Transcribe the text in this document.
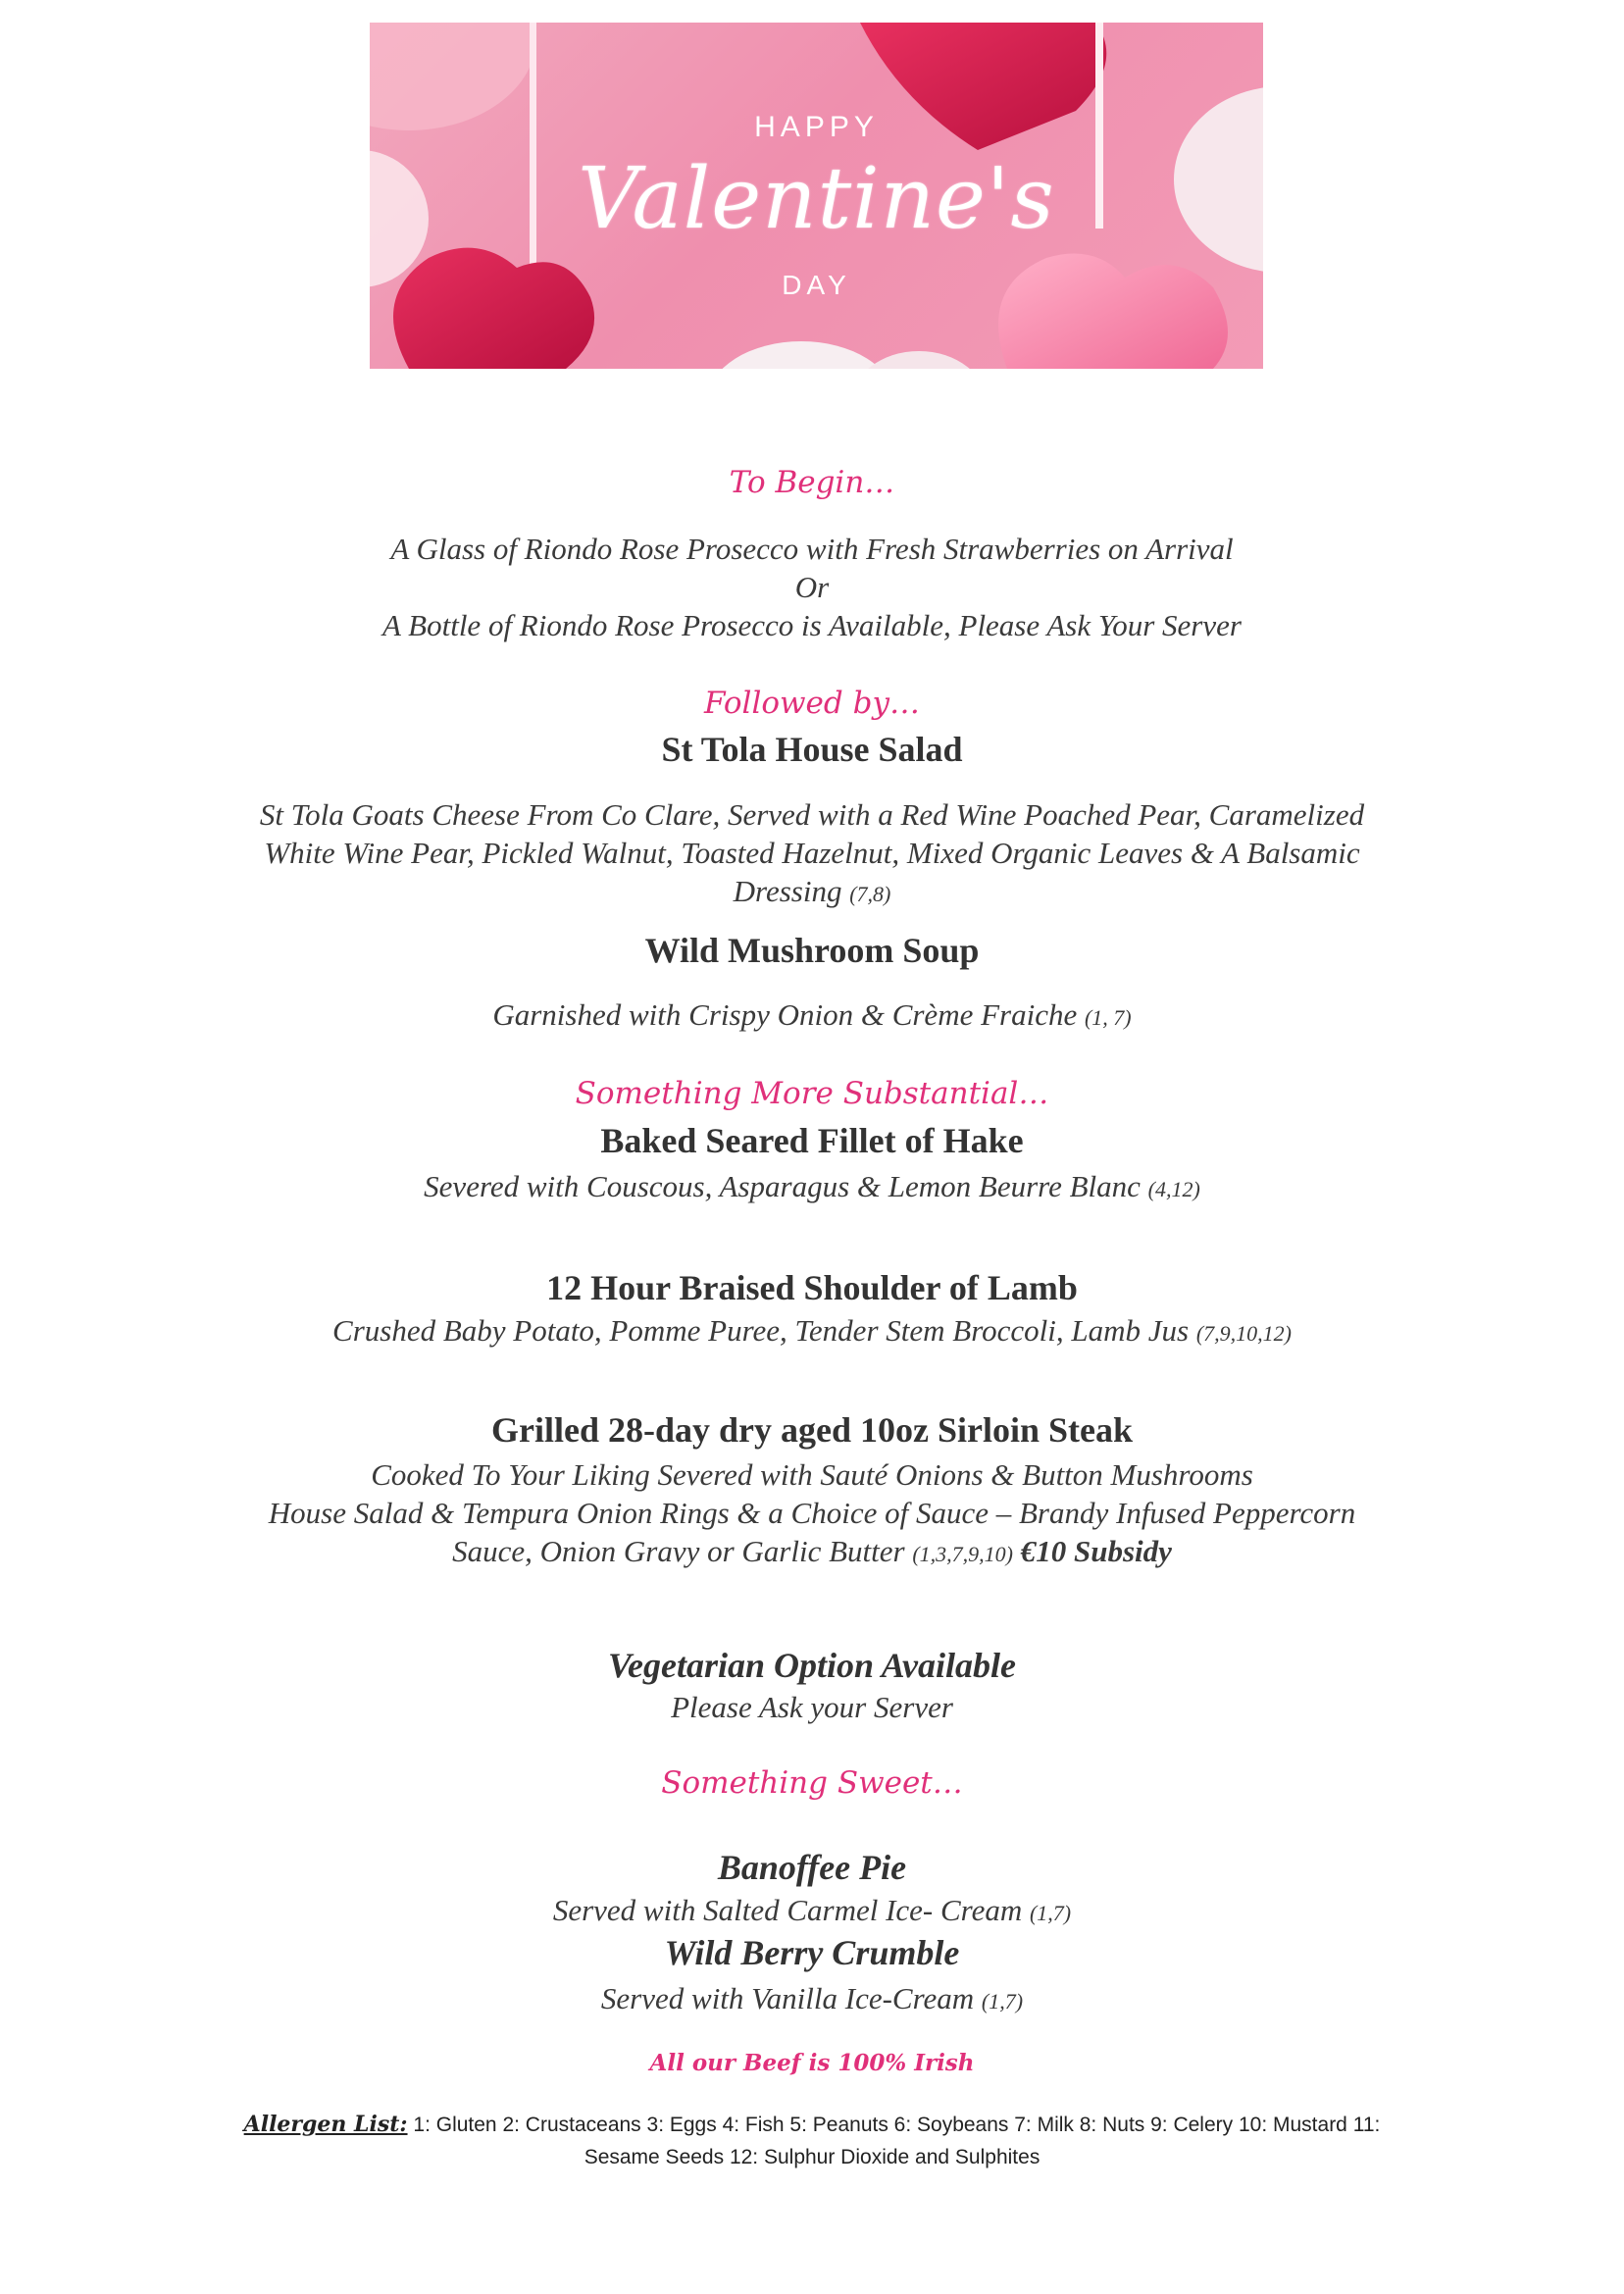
HAPPY
Valentine's
DAY
To Begin…
A Glass of Riondo Rose Prosecco with Fresh Strawberries on Arrival
Or
A Bottle of Riondo Rose Prosecco is Available, Please Ask Your Server
Followed by…
St Tola House Salad
St Tola Goats Cheese From Co Clare, Served with a Red Wine Poached Pear, Caramelized
White Wine Pear, Pickled Walnut, Toasted Hazelnut, Mixed Organic Leaves & A Balsamic
Dressing (7,8)
Wild Mushroom Soup
Garnished with Crispy Onion & Crème Fraiche (1, 7)
Something More Substantial…
Baked Seared Fillet of Hake
Severed with Couscous, Asparagus & Lemon Beurre Blanc (4,12)
12 Hour Braised Shoulder of Lamb
Crushed Baby Potato, Pomme Puree, Tender Stem Broccoli, Lamb Jus (7,9,10,12)
Grilled 28-day dry aged 10oz Sirloin Steak
Cooked To Your Liking Severed with Sauté Onions & Button Mushrooms
House Salad & Tempura Onion Rings & a Choice of Sauce – Brandy Infused Peppercorn
Sauce, Onion Gravy or Garlic Butter (1,3,7,9,10) €10 Subsidy
Vegetarian Option Available
Please Ask your Server
Something Sweet…
Banoffee Pie
Served with Salted Carmel Ice- Cream (1,7)
Wild Berry Crumble
Served with Vanilla Ice-Cream (1,7)
All our Beef is 100% Irish
Allergen List: 1: Gluten 2: Crustaceans 3: Eggs 4: Fish 5: Peanuts 6: Soybeans 7: Milk 8: Nuts 9: Celery 10: Mustard 11:
Sesame Seeds 12: Sulphur Dioxide and Sulphites
